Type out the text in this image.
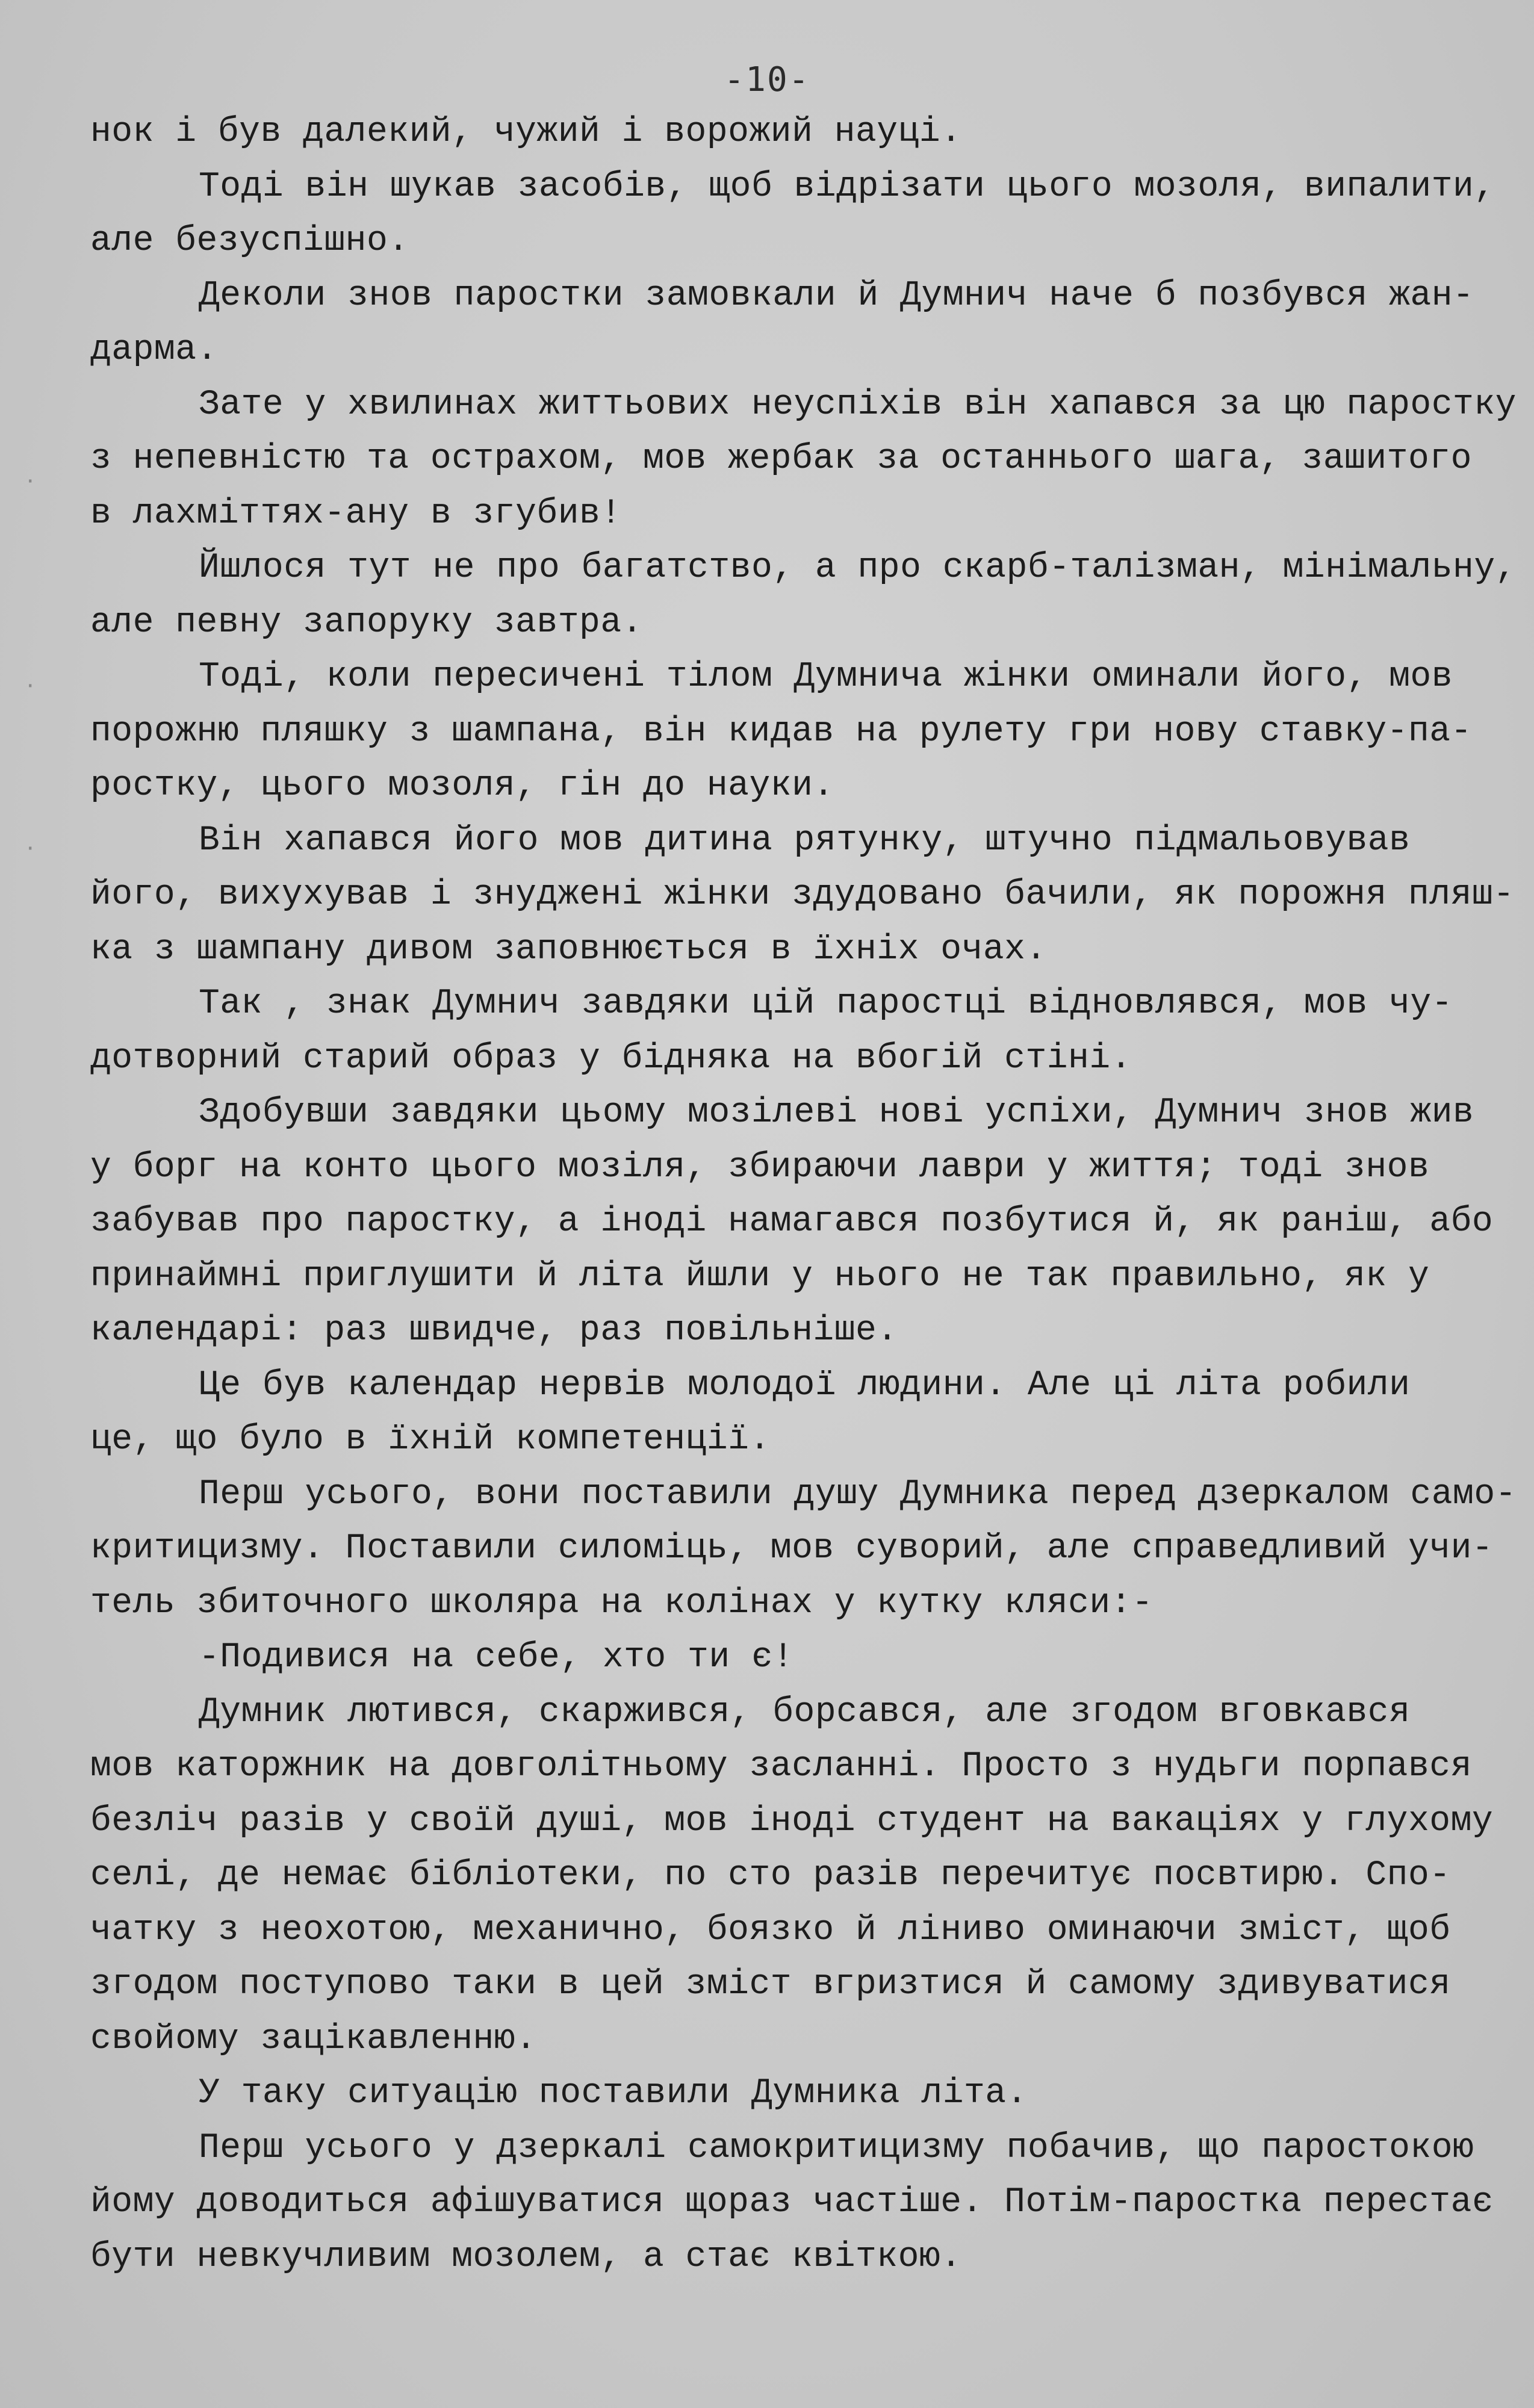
-10-
нок і був далекий, чужий і ворожий науці.
Тоді він шукав засобів, щоб відрізати цього мозоля, випалити,
але безуспішно.
Деколи знов паростки замовкали й Думнич наче б позбувся жан-
дарма.
Зате у хвилинах життьових неуспіхів він хапався за цю паростку
з непевністю та острахом, мов жербак за останнього шага, зашитого
в лахміттях-ану в згубив!
Йшлося тут не про багатство, а про скарб-талізман, мінімальну,
але певну запоруку завтра.
Тоді, коли пересичені тілом Думнича жінки оминали його, мов
порожню пляшку з шампана, він кидав на рулету гри нову ставку-па-
ростку, цього мозоля, гін до науки.
Він хапався його мов дитина рятунку, штучно підмальовував
його, вихухував і знуджені жінки здудовано бачили, як порожня пляш-
ка з шампану дивом заповнюється в їхніх очах.
Так , знак Думнич завдяки цій паростці відновлявся, мов чу-
дотворний старий образ у бідняка на вбогій стіні.
Здобувши завдяки цьому мозілеві нові успіхи, Думнич знов жив
у борг на конто цього мозіля, збираючи лаври у життя; тоді знов
забував про паростку, а іноді намагався позбутися й, як раніш, або
принаймні приглушити й літа йшли у нього не так правильно, як у
календарі: раз швидче, раз повільніше.
Це був календар нервів молодої людини. Але ці літа робили
це, що було в їхній компетенції.
Перш усього, вони поставили душу Думника перед дзеркалом само-
критицизму. Поставили силоміць, мов суворий, але справедливий учи-
тель збиточного школяра на колінах у кутку кляси:-
-Подивися на себе, хто ти є!
Думник лютився, скаржився, борсався, але згодом вговкався
мов каторжник на довголітньому засланні. Просто з нудьги порпався
безліч разів у своїй душі, мов іноді студент на вакаціях у глухому
селі, де немає бібліотеки, по сто разів перечитує посвтирю. Спо-
чатку з неохотою, механично, боязко й лінивo оминаючи зміст, щоб
згодом поступово таки в цей зміст вгризтися й самому здивуватися
свойому зацікавленню.
У таку ситуацію поставили Думника літа.
Перш усього у дзеркалі самокритицизму побачив, що паростокою
йому доводиться афішуватися щораз частіше. Потім-паростка перестає
бути невкучливим мозолем, а стає квіткою.
·
·
·
